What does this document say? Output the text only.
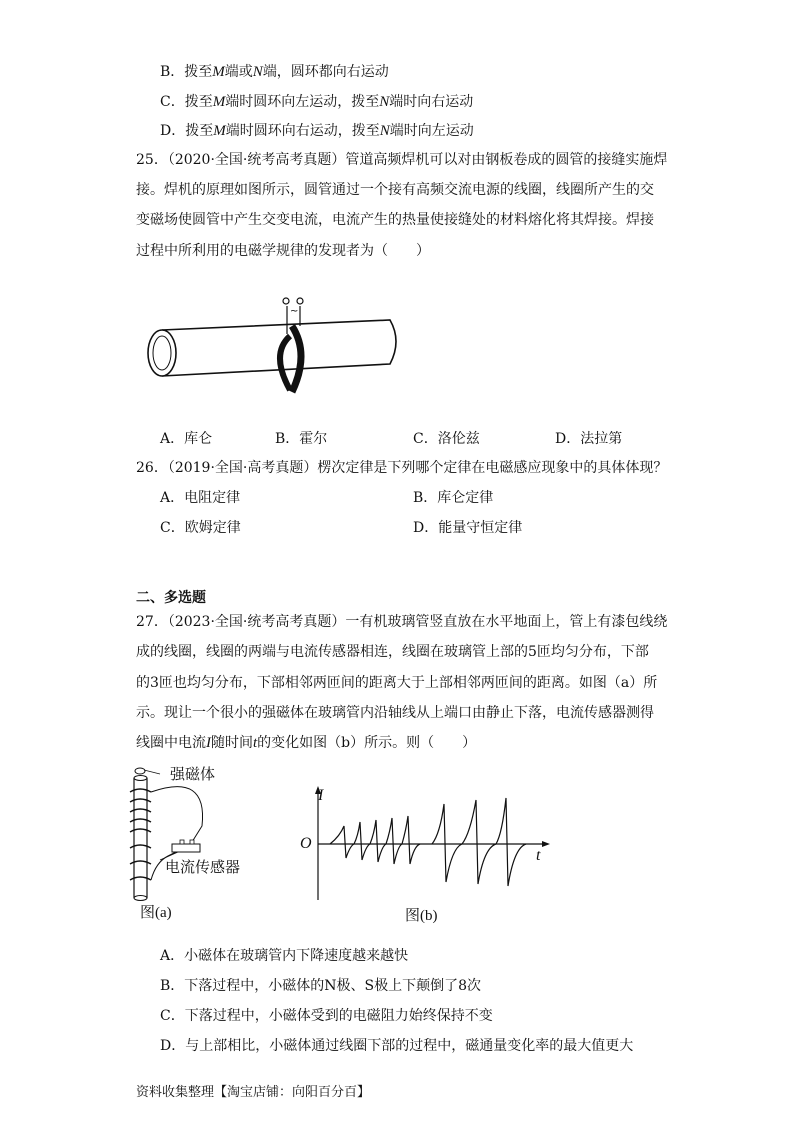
B．拨至M端或N端，圆环都向右运动
C．拨至M端时圆环向左运动，拨至N端时向右运动
D．拨至M端时圆环向右运动，拨至N端时向左运动
25．（2020·全国·统考高考真题）管道高频焊机可以对由钢板卷成的圆管的接缝实施焊
接。焊机的原理如图所示，圆管通过一个接有高频交流电源的线圈，线圈所产生的交
变磁场使圆管中产生交变电流，电流产生的热量使接缝处的材料熔化将其焊接。焊接
过程中所利用的电磁学规律的发现者为（　　）
~
A．库仑	B．霍尔	C．洛伦兹	D．法拉第
26．（2019·全国·高考真题）楞次定律是下列哪个定律在电磁感应现象中的具体体现？
A．电阻定律	B．库仑定律
C．欧姆定律	D．能量守恒定律
二、多选题
27．（2023·全国·统考高考真题）一有机玻璃管竖直放在水平地面上，管上有漆包线绕
成的线圈，线圈的两端与电流传感器相连，线圈在玻璃管上部的5匝均匀分布，下部
的3匝也均匀分布，下部相邻两匝间的距离大于上部相邻两匝间的距离。如图（a）所
示。现让一个很小的强磁体在玻璃管内沿轴线从上端口由静止下落，电流传感器测得
线圈中电流I随时间t的变化如图（b）所示。则（　　）
强磁体
电流传感器
图(a)
I
O
t
图(b)
A．小磁体在玻璃管内下降速度越来越快
B．下落过程中，小磁体的N极、S极上下颠倒了8次
C．下落过程中，小磁体受到的电磁阻力始终保持不变
D．与上部相比，小磁体通过线圈下部的过程中，磁通量变化率的最大值更大
资料收集整理【淘宝店铺：向阳百分百】
